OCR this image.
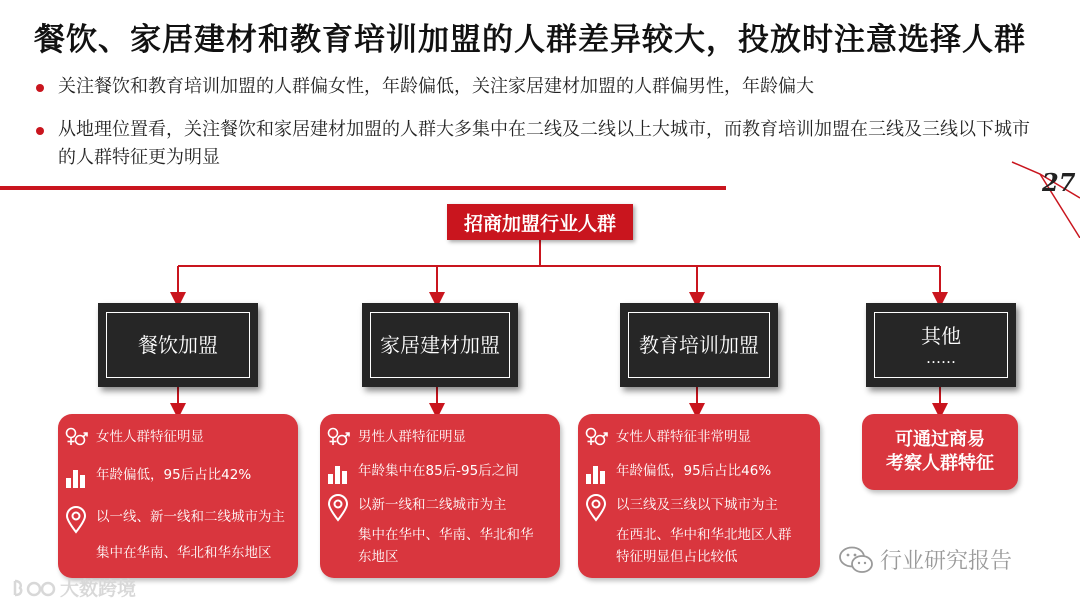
餐饮、家居建材和教育培训加盟的人群差异较大，投放时注意选择人群
关注餐饮和教育培训加盟的人群偏女性，年龄偏低，关注家居建材加盟的人群偏男性，年龄偏大
从地理位置看，关注餐饮和家居建材加盟的人群大多集中在二线及二线以上大城市，而教育培训加盟在三线及三线以下城市的人群特征更为明显
27
招商加盟行业人群
餐饮加盟	家居建材加盟	教育培训加盟	其他
……
女性人群特征明显
年龄偏低，95后占比42%
以一线、新一线和二线城市为主
集中在华南、华北和华东地区
男性人群特征明显
年龄集中在85后-95后之间
以新一线和二线城市为主
集中在华中、华南、华北和华东地区
女性人群特征非常明显
年龄偏低，95后占比46%
以三线及三线以下城市为主
在西北、华中和华北地区人群特征明显但占比较低
可通过商易
考察人群特征
大数跨境
行业研究报告
